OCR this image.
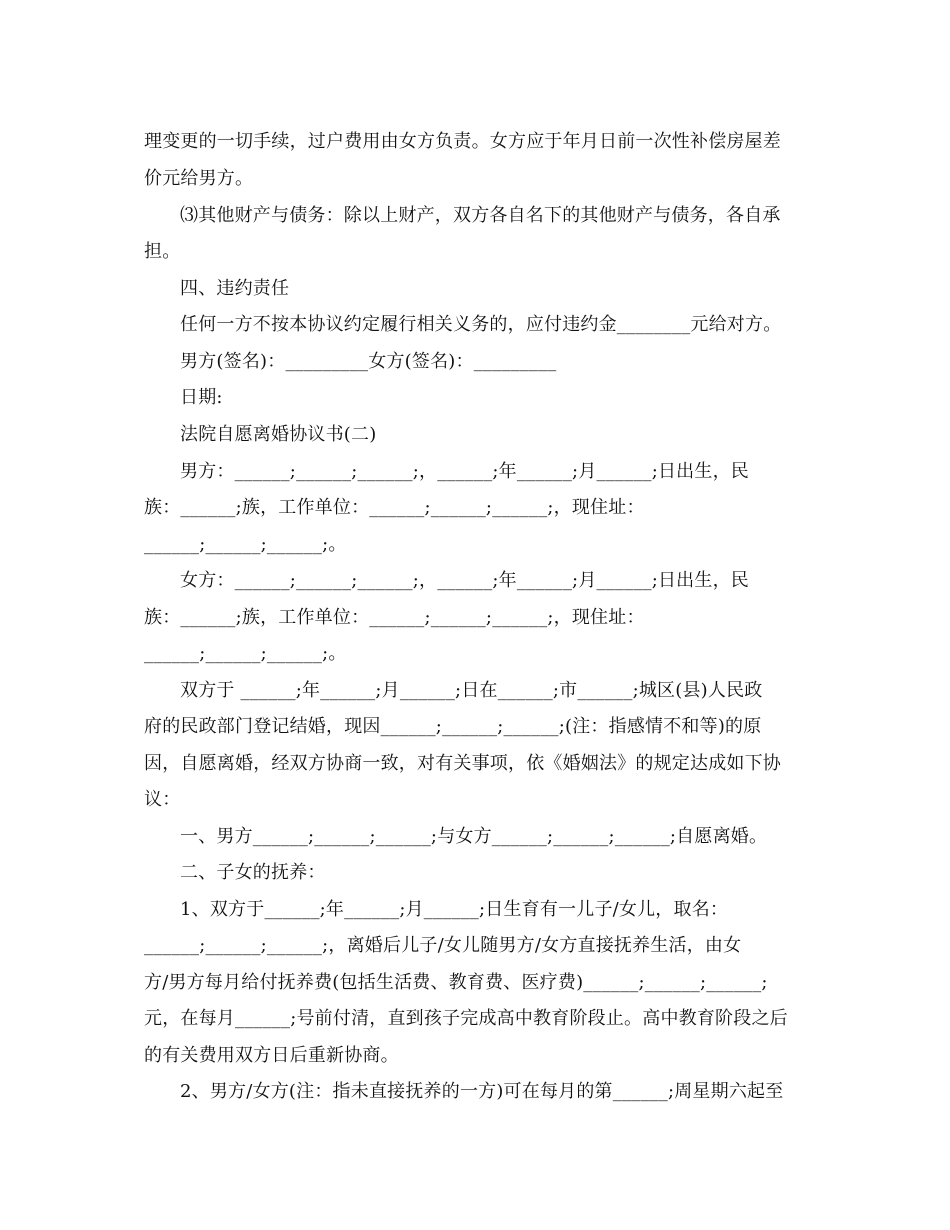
理变更的一切手续，过户费用由女方负责。女方应于年月日前一次性补偿房屋差
价元给男方。
⑶其他财产与债务：除以上财产，双方各自名下的其他财产与债务，各自承
担。
四、违约责任
任何一方不按本协议约定履行相关义务的，应付违约金________元给对方。
男方(签名)：_________女方(签名)：_________
日期:
法院自愿离婚协议书(二)
男方：______;______;______;，______;年______;月______;日出生，民
族：______;族，工作单位：______;______;______;，现住址：
______;______;______;。
女方：______;______;______;，______;年______;月______;日出生，民
族：______;族，工作单位：______;______;______;，现住址：
______;______;______;。
双方于 ______;年______;月______;日在______;市______;城区(县)人民政
府的民政部门登记结婚，现因______;______;______;(注：指感情不和等)的原
因，自愿离婚，经双方协商一致，对有关事项，依《婚姻法》的规定达成如下协
议：
一、男方______;______;______;与女方______;______;______;自愿离婚。
二、子女的抚养：
1、双方于______;年______;月______;日生育有一儿子/女儿，取名：
______;______;______;，离婚后儿子/女儿随男方/女方直接抚养生活，由女
方/男方每月给付抚养费(包括生活费、教育费、医疗费)______;______;______;
元，在每月______;号前付清，直到孩子完成高中教育阶段止。高中教育阶段之后
的有关费用双方日后重新协商。
2、男方/女方(注：指未直接抚养的一方)可在每月的第______;周星期六起至
